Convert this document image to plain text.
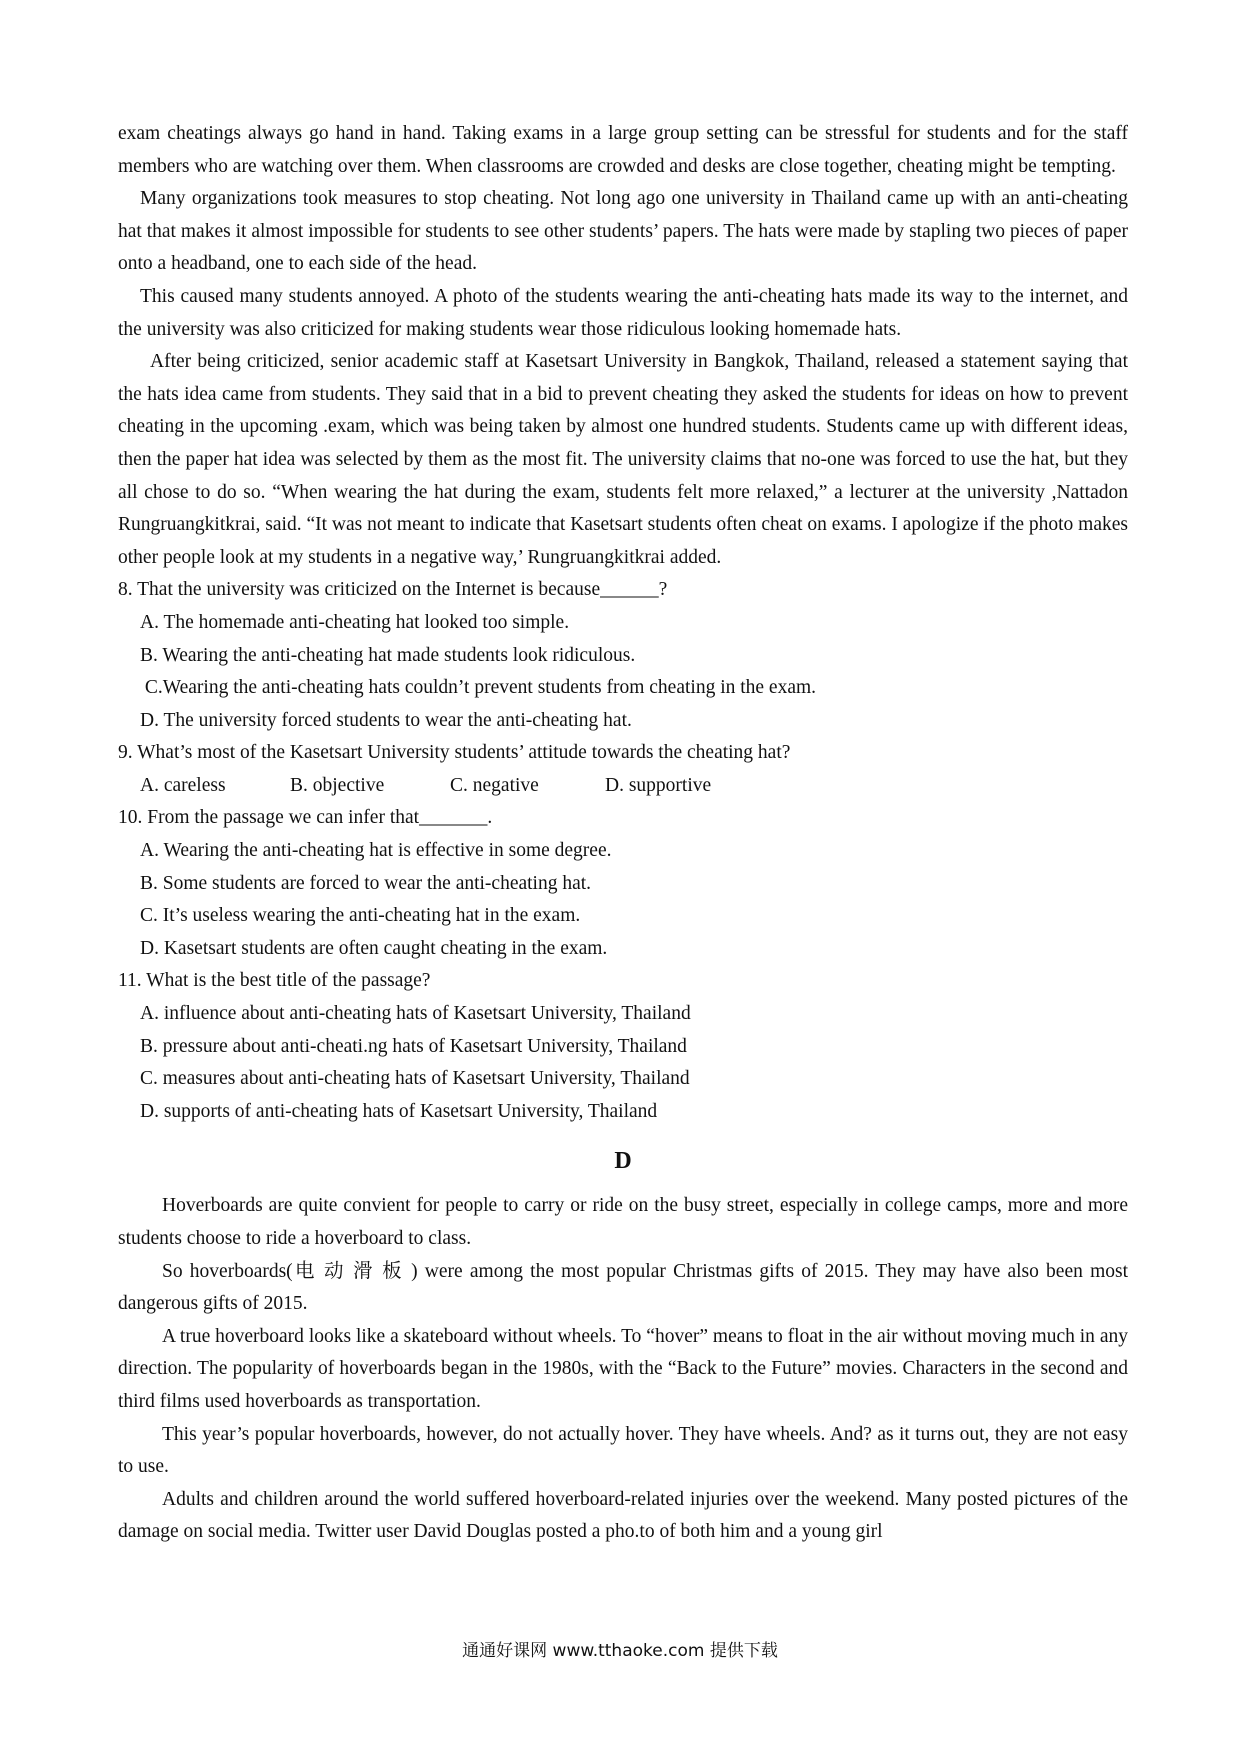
exam cheatings always go hand in hand. Taking exams in a large group setting can be stressful for students and for the staff members who are watching over them. When classrooms are crowded and desks are close together, cheating might be tempting.

Many organizations took measures to stop cheating. Not long ago one university in Thailand came up with an anti-cheating hat that makes it almost impossible for students to see other students’ papers. The hats were made by stapling two pieces of paper onto a headband, one to each side of the head.

This caused many students annoyed. A photo of the students wearing the anti-cheating hats made its way to the internet, and the university was also criticized for making students wear those ridiculous looking homemade hats.

After being criticized, senior academic staff at Kasetsart University in Bangkok, Thailand, released a statement saying that the hats idea came from students. They said that in a bid to prevent cheating they asked the students for ideas on how to prevent cheating in the upcoming .exam, which was being taken by almost one hundred students. Students came up with different ideas, then the paper hat idea was selected by them as the most fit. The university claims that no-one was forced to use the hat, but they all chose to do so. “When wearing the hat during the exam, students felt more relaxed,” a lecturer at the university ,Nattadon Rungruangkitkrai, said. “It was not meant to indicate that Kasetsart students often cheat on exams. I apologize if the photo makes other people look at my students in a negative way,’ Rungruangkitkrai added.

8. That the university was criticized on the Internet is because______?

A. The homemade anti-cheating hat looked too simple.

B. Wearing the anti-cheating hat made students look ridiculous.

C.Wearing the anti-cheating hats couldn’t prevent students from cheating in the exam.

D. The university forced students to wear the anti-cheating hat.

9. What’s most of the Kasetsart University students’ attitude towards the cheating hat?

A. careless	B. objective	C. negative	D. supportive

10. From the passage we can infer that_______.

A. Wearing the anti-cheating hat is effective in some degree.

B. Some students are forced to wear the anti-cheating hat.

C. It’s useless wearing the anti-cheating hat in the exam.

D. Kasetsart students are often caught cheating in the exam.

11. What is the best title of the passage?

A. influence about anti-cheating hats of Kasetsart University, Thailand

B. pressure about anti-cheati.ng hats of Kasetsart University, Thailand

C. measures about anti-cheating hats of Kasetsart University, Thailand

D. supports of anti-cheating hats of Kasetsart University, Thailand

D

Hoverboards are quite convient for people to carry or ride on the busy street, especially in college camps, more and more students choose to ride a hoverboard to class.

So hoverboards(电 动 滑 板 ) were among the most popular Christmas gifts of 2015. They may have also been most dangerous gifts of 2015.

A true hoverboard looks like a skateboard without wheels. To “hover” means to float in the air without moving much in any direction. The popularity of hoverboards began in the 1980s, with the “Back to the Future” movies. Characters in the second and third films used hoverboards as transportation.

This year’s popular hoverboards, however, do not actually hover. They have wheels. And? as it turns out, they are not easy to use.

Adults and children around the world suffered hoverboard-related injuries over the weekend. Many posted pictures of the damage on social media. Twitter user David Douglas posted a pho.to of both him and a young girl

通通好课网 www.tthaoke.com 提供下载
